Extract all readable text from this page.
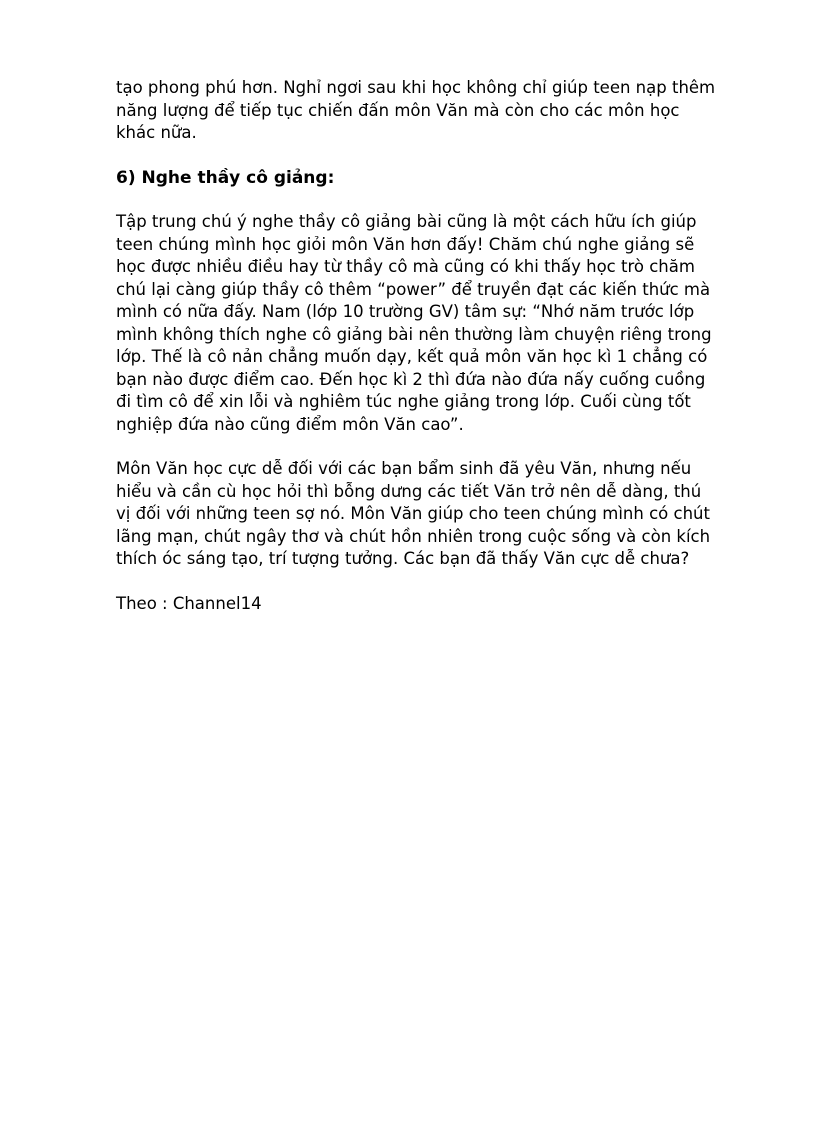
tạo phong phú hơn. Nghỉ ngơi sau khi học không chỉ giúp teen nạp thêm
năng lượng để tiếp tục chiến đấn môn Văn mà còn cho các môn học
khác nữa.

6) Nghe thầy cô giảng:

Tập trung chú ý nghe thầy cô giảng bài cũng là một cách hữu ích giúp
teen chúng mình học giỏi môn Văn hơn đấy! Chăm chú nghe giảng sẽ
học được nhiều điều hay từ thầy cô mà cũng có khi thấy học trò chăm
chú lại càng giúp thầy cô thêm “power” để truyền đạt các kiến thức mà
mình có nữa đấy. Nam (lớp 10 trường GV) tâm sự: “Nhớ năm trước lớp
mình không thích nghe cô giảng bài nên thường làm chuyện riêng trong
lớp. Thế là cô nản chẳng muốn dạy, kết quả môn văn học kì 1 chẳng có
bạn nào được điểm cao. Đến học kì 2 thì đứa nào đứa nấy cuống cuồng
đi tìm cô để xin lỗi và nghiêm túc nghe giảng trong lớp. Cuối cùng tốt
nghiệp đứa nào cũng điểm môn Văn cao”.

Môn Văn học cực dễ đối với các bạn bẩm sinh đã yêu Văn, nhưng nếu
hiểu và cần cù học hỏi thì bỗng dưng các tiết Văn trở nên dễ dàng, thú
vị đối với những teen sợ nó. Môn Văn giúp cho teen chúng mình có chút
lãng mạn, chút ngây thơ và chút hồn nhiên trong cuộc sống và còn kích
thích óc sáng tạo, trí tượng tưởng. Các bạn đã thấy Văn cực dễ chưa?

Theo : Channel14
